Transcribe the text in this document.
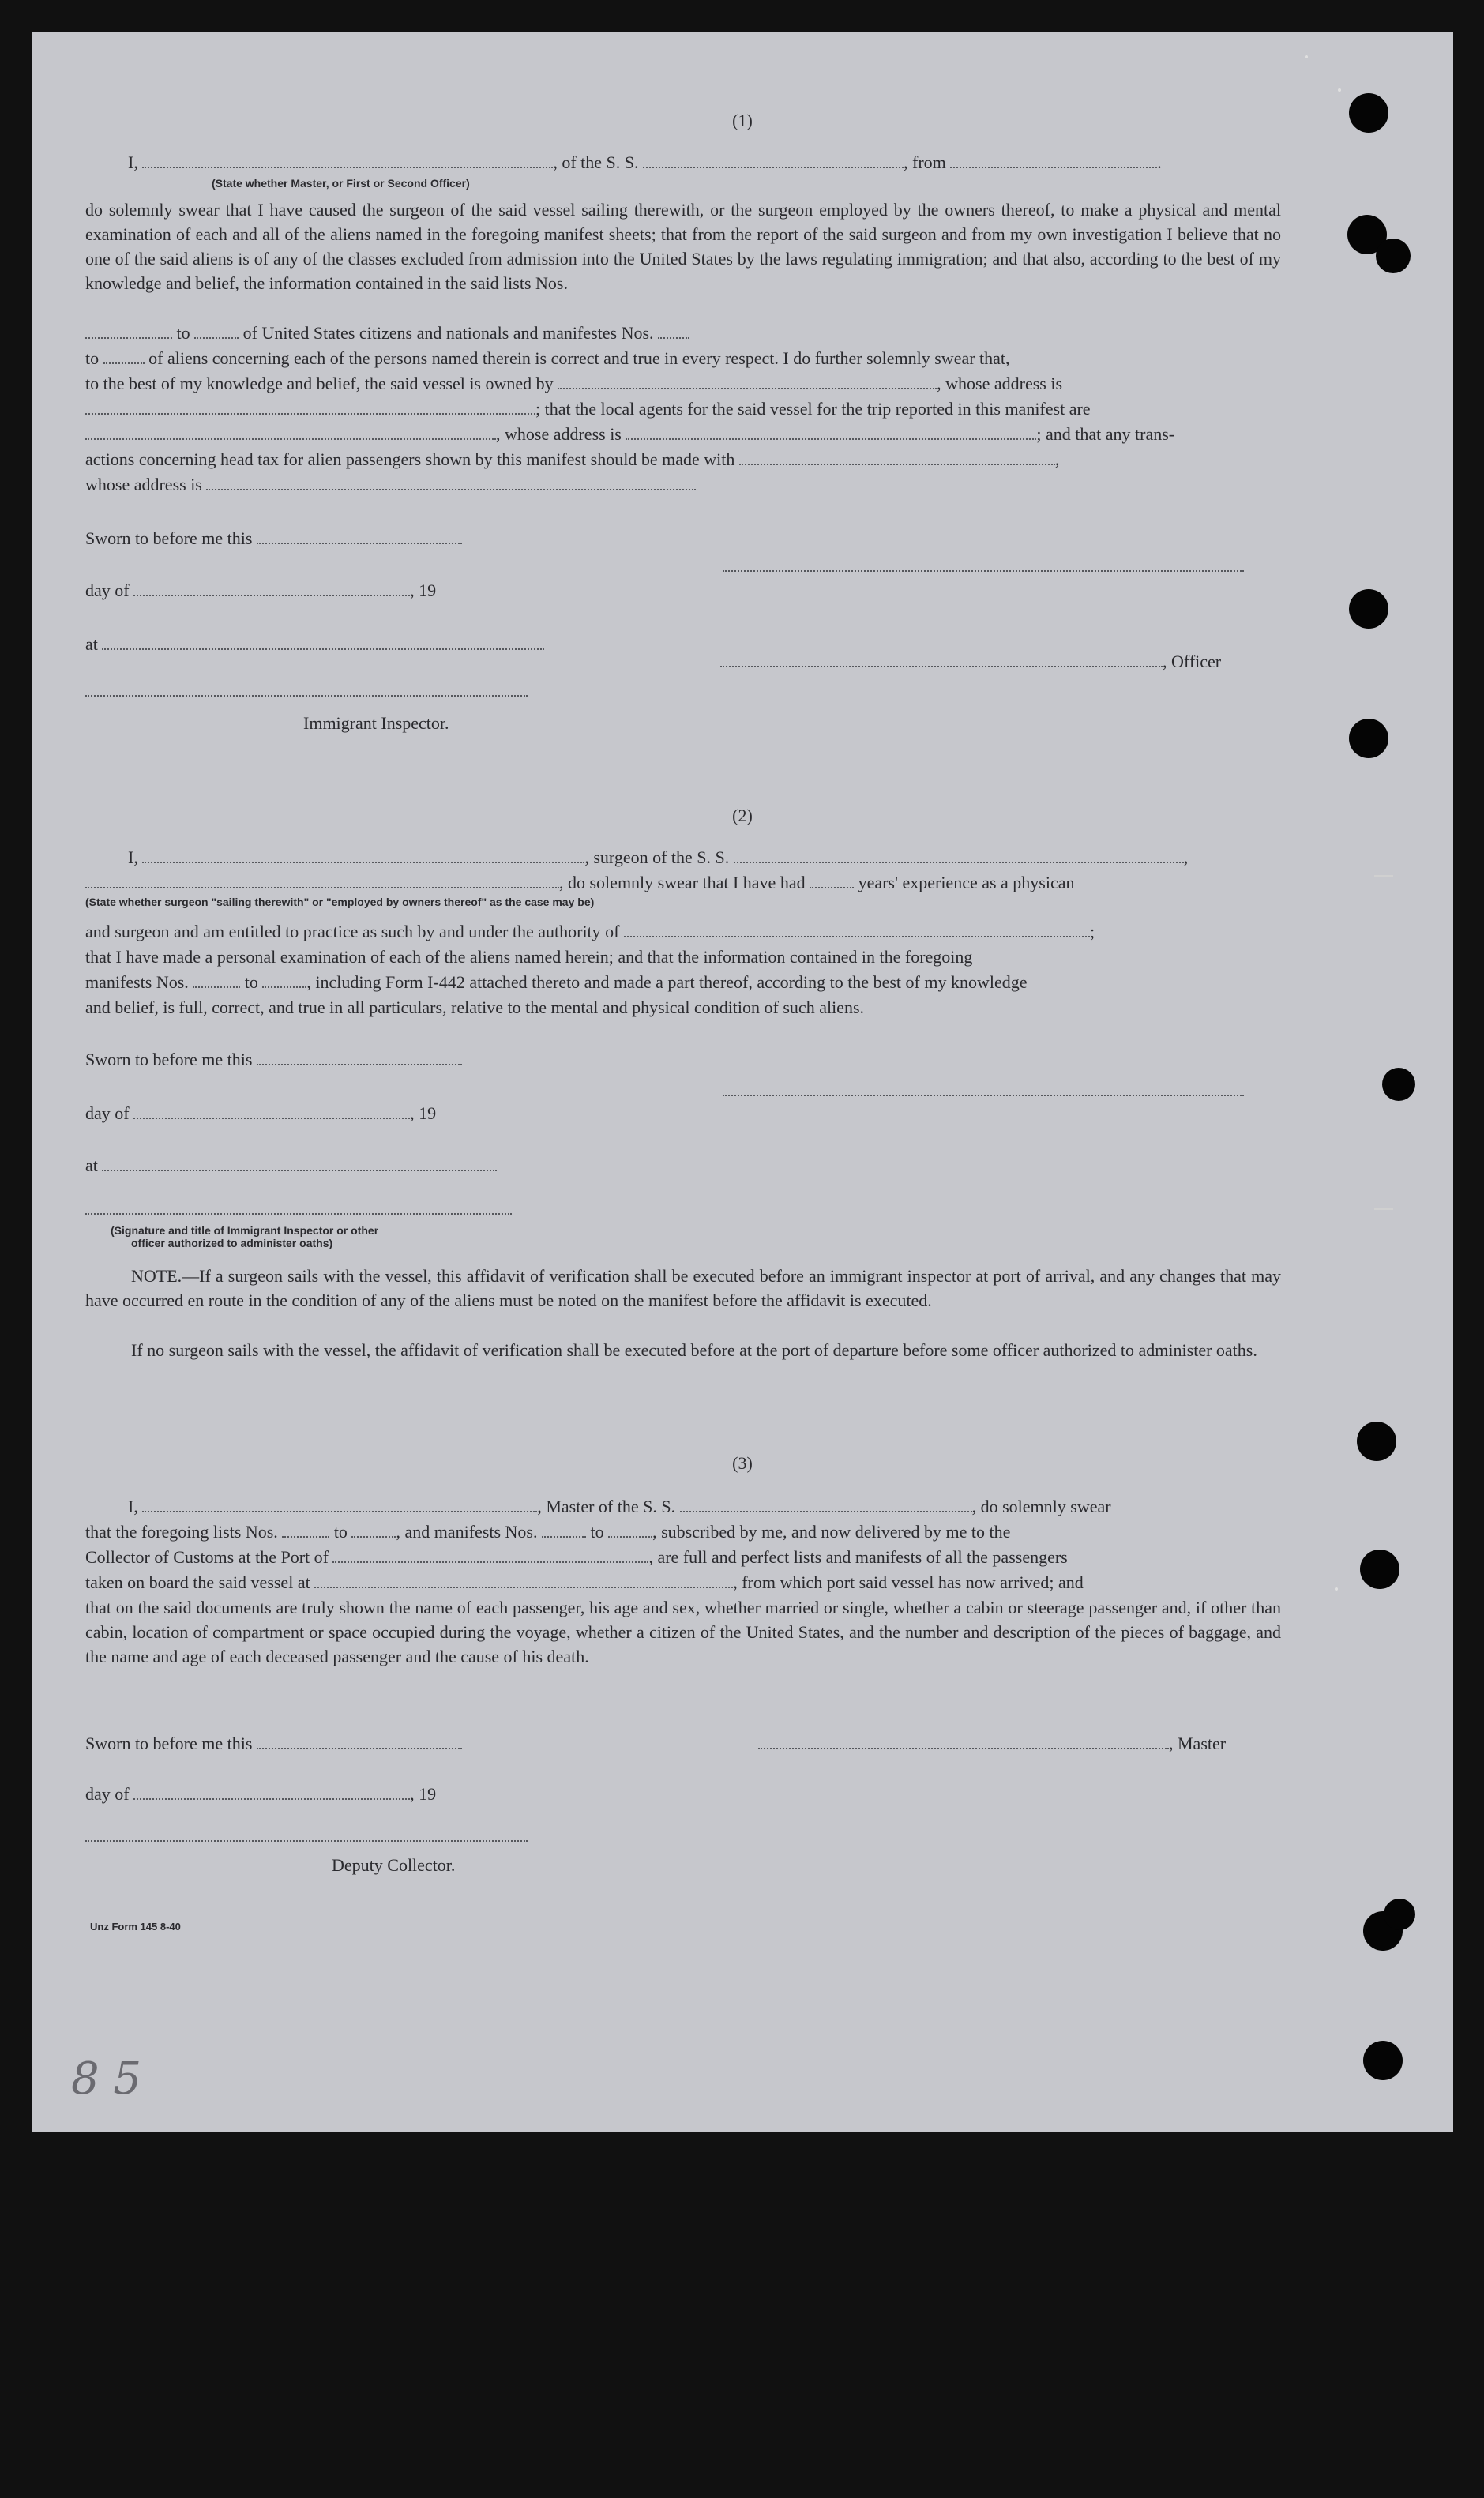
(1)
I,	, of the S. S.	, from	.
(State whether Master, or First or Second Officer)
do solemnly swear that I have caused the surgeon of the said vessel sailing therewith, or the surgeon employed by the owners thereof, to make a physical and mental examination of each and all of the aliens named in the foregoing manifest sheets; that from the report of the said surgeon and from my own investigation I believe that no one of the said aliens is of any of the classes excluded from admission into the United States by the laws regulating immigration; and that also, according to the best of my knowledge and belief, the information contained in the said lists Nos.
to	of United States citizens and nationals and manifestes Nos.
to	of aliens concerning each of the persons named therein is correct and true in every respect. I do further solemnly swear that,
to the best of my knowledge and belief, the said vessel is owned by	, whose address is
; that the local agents for the said vessel for the trip reported in this manifest are
, whose address is	; and that any trans-
actions concerning head tax for alien passengers shown by this manifest should be made with	,
whose address is
Sworn to before me this
day of	, 19
at
, Officer
Immigrant Inspector.
(2)
I,	, surgeon of the S. S.	,
, do solemnly swear that I have had	years' experience as a physican
(State whether surgeon "sailing therewith" or "employed by owners thereof" as the case may be)
and surgeon and am entitled to practice as such by and under the authority of	;
that I have made a personal examination of each of the aliens named herein; and that the information contained in the foregoing
manifests Nos.	to	, including Form I-442 attached thereto and made a part thereof, according to the best of my knowledge
and belief, is full, correct, and true in all particulars, relative to the mental and physical condition of such aliens.
Sworn to before me this
day of	, 19
at
(Signature and title of Immigrant Inspector or other
officer authorized to administer oaths)
NOTE.—If a surgeon sails with the vessel, this affidavit of verification shall be executed before an immigrant inspector at port of arrival, and any changes that may have occurred en route in the condition of any of the aliens must be noted on the manifest before the affidavit is executed.
If no surgeon sails with the vessel, the affidavit of verification shall be executed before at the port of departure before some officer authorized to administer oaths.
(3)
I,	, Master of the S. S.	, do solemnly swear
that the foregoing lists Nos.	to	, and manifests Nos.	to	, subscribed by me, and now delivered by me to the
Collector of Customs at the Port of	, are full and perfect lists and manifests of all the passengers
taken on board the said vessel at	, from which port said vessel has now arrived; and
that on the said documents are truly shown the name of each passenger, his age and sex, whether married or single, whether a cabin or steerage passenger and, if other than cabin, location of compartment or space occupied during the voyage, whether a citizen of the United States, and the number and description of the pieces of baggage, and the name and age of each deceased passenger and the cause of his death.
Sworn to before me this	, Master
day of	, 19
Deputy Collector.
Unz Form 145 8-40
8 5
